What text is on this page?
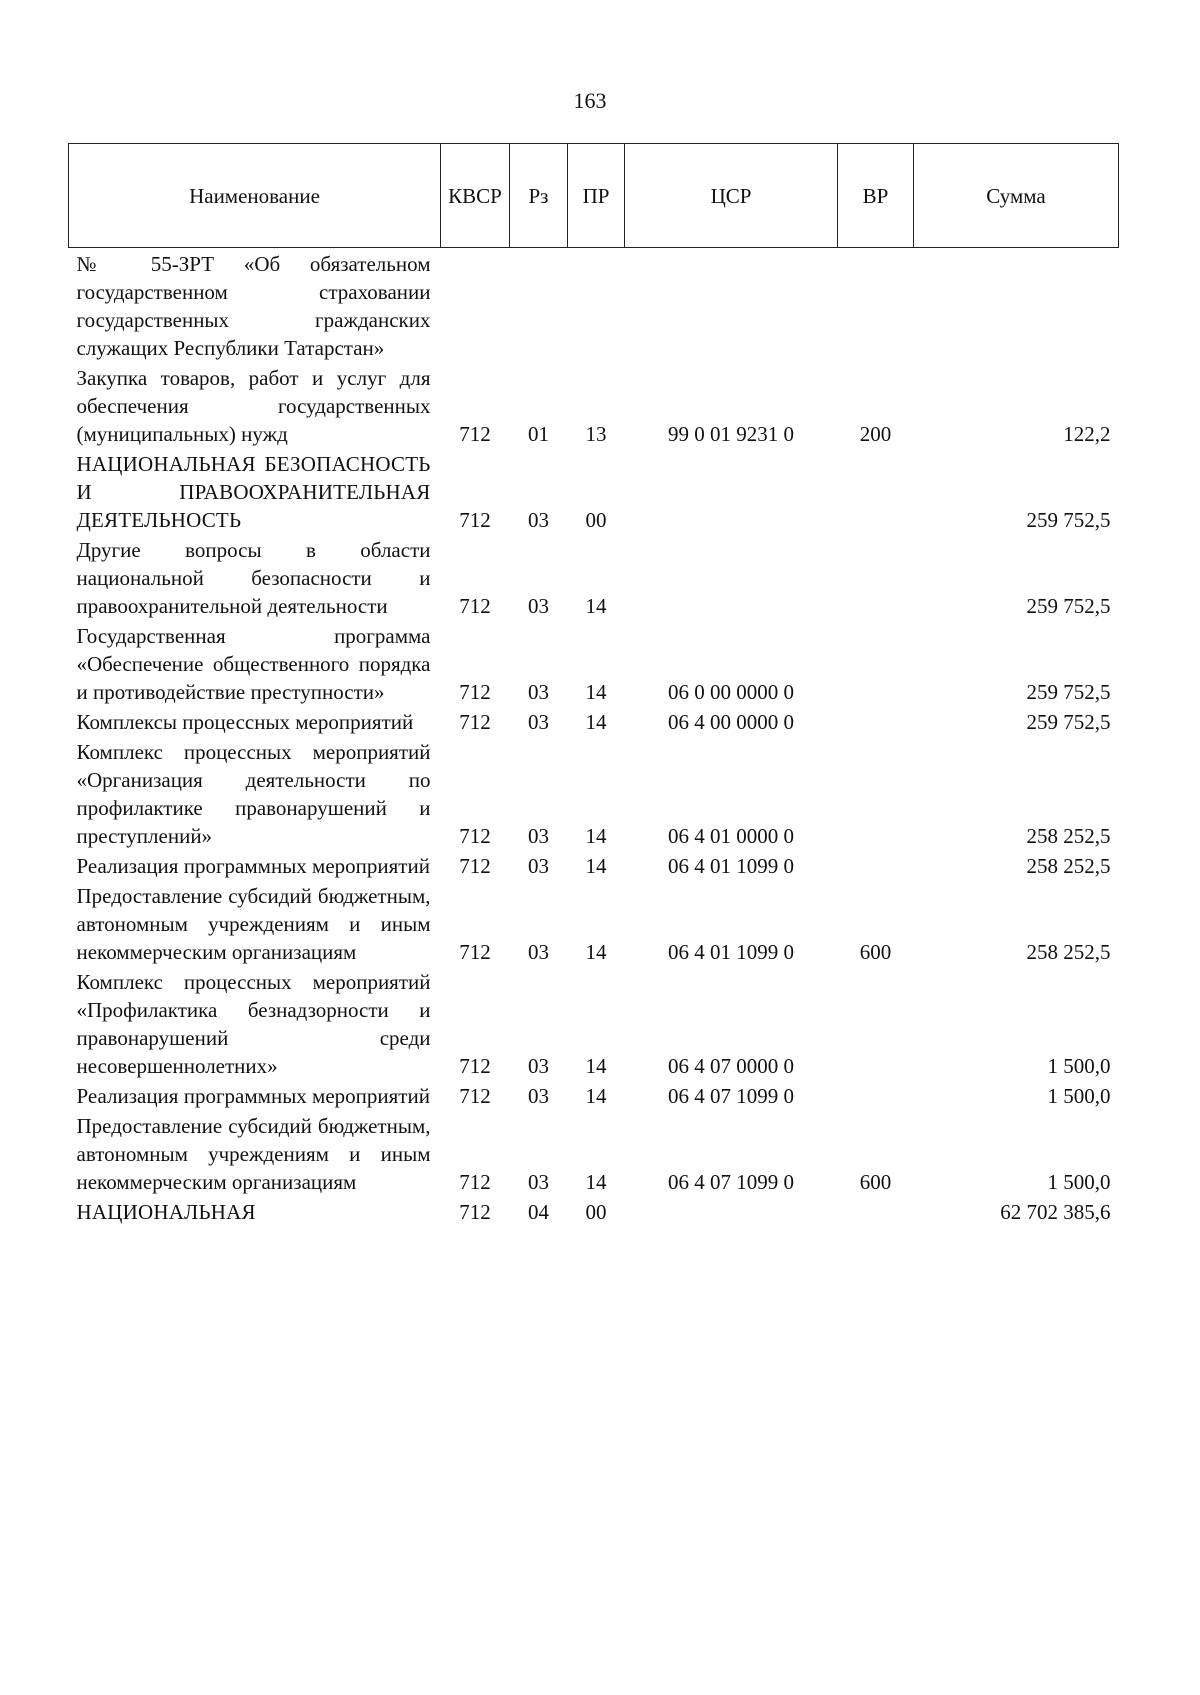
163
Наименование	КВСР	Рз	ПР	ЦСР	ВР	Сумма
№ 55-ЗРТ «Об обязательном государственном страховании государственных гражданских служащих Республики Татарстан»						
Закупка товаров, работ и услуг для обеспечения государственных (муниципальных) нужд	712	01	13	99 0 01 9231 0	200	122,2
НАЦИОНАЛЬНАЯ БЕЗОПАСНОСТЬ И ПРАВООХРАНИТЕЛЬНАЯ ДЕЯТЕЛЬНОСТЬ	712	03	00			259 752,5
Другие вопросы в области национальной безопасности и правоохранительной деятельности	712	03	14			259 752,5
Государственная программа «Обеспечение общественного порядка и противодействие преступности»	712	03	14	06 0 00 0000 0		259 752,5
Комплексы процессных мероприятий	712	03	14	06 4 00 0000 0		259 752,5
Комплекс процессных мероприятий «Организация деятельности по профилактике правонарушений и преступлений»	712	03	14	06 4 01 0000 0		258 252,5
Реализация программных мероприятий	712	03	14	06 4 01 1099 0		258 252,5
Предоставление субсидий бюджетным, автономным учреждениям и иным некоммерческим организациям	712	03	14	06 4 01 1099 0	600	258 252,5
Комплекс процессных мероприятий «Профилактика безнадзорности и правонарушений среди несовершеннолетних»	712	03	14	06 4 07 0000 0		1 500,0
Реализация программных мероприятий	712	03	14	06 4 07 1099 0		1 500,0
Предоставление субсидий бюджетным, автономным учреждениям и иным некоммерческим организациям	712	03	14	06 4 07 1099 0	600	1 500,0
НАЦИОНАЛЬНАЯ	712	04	00			62 702 385,6
